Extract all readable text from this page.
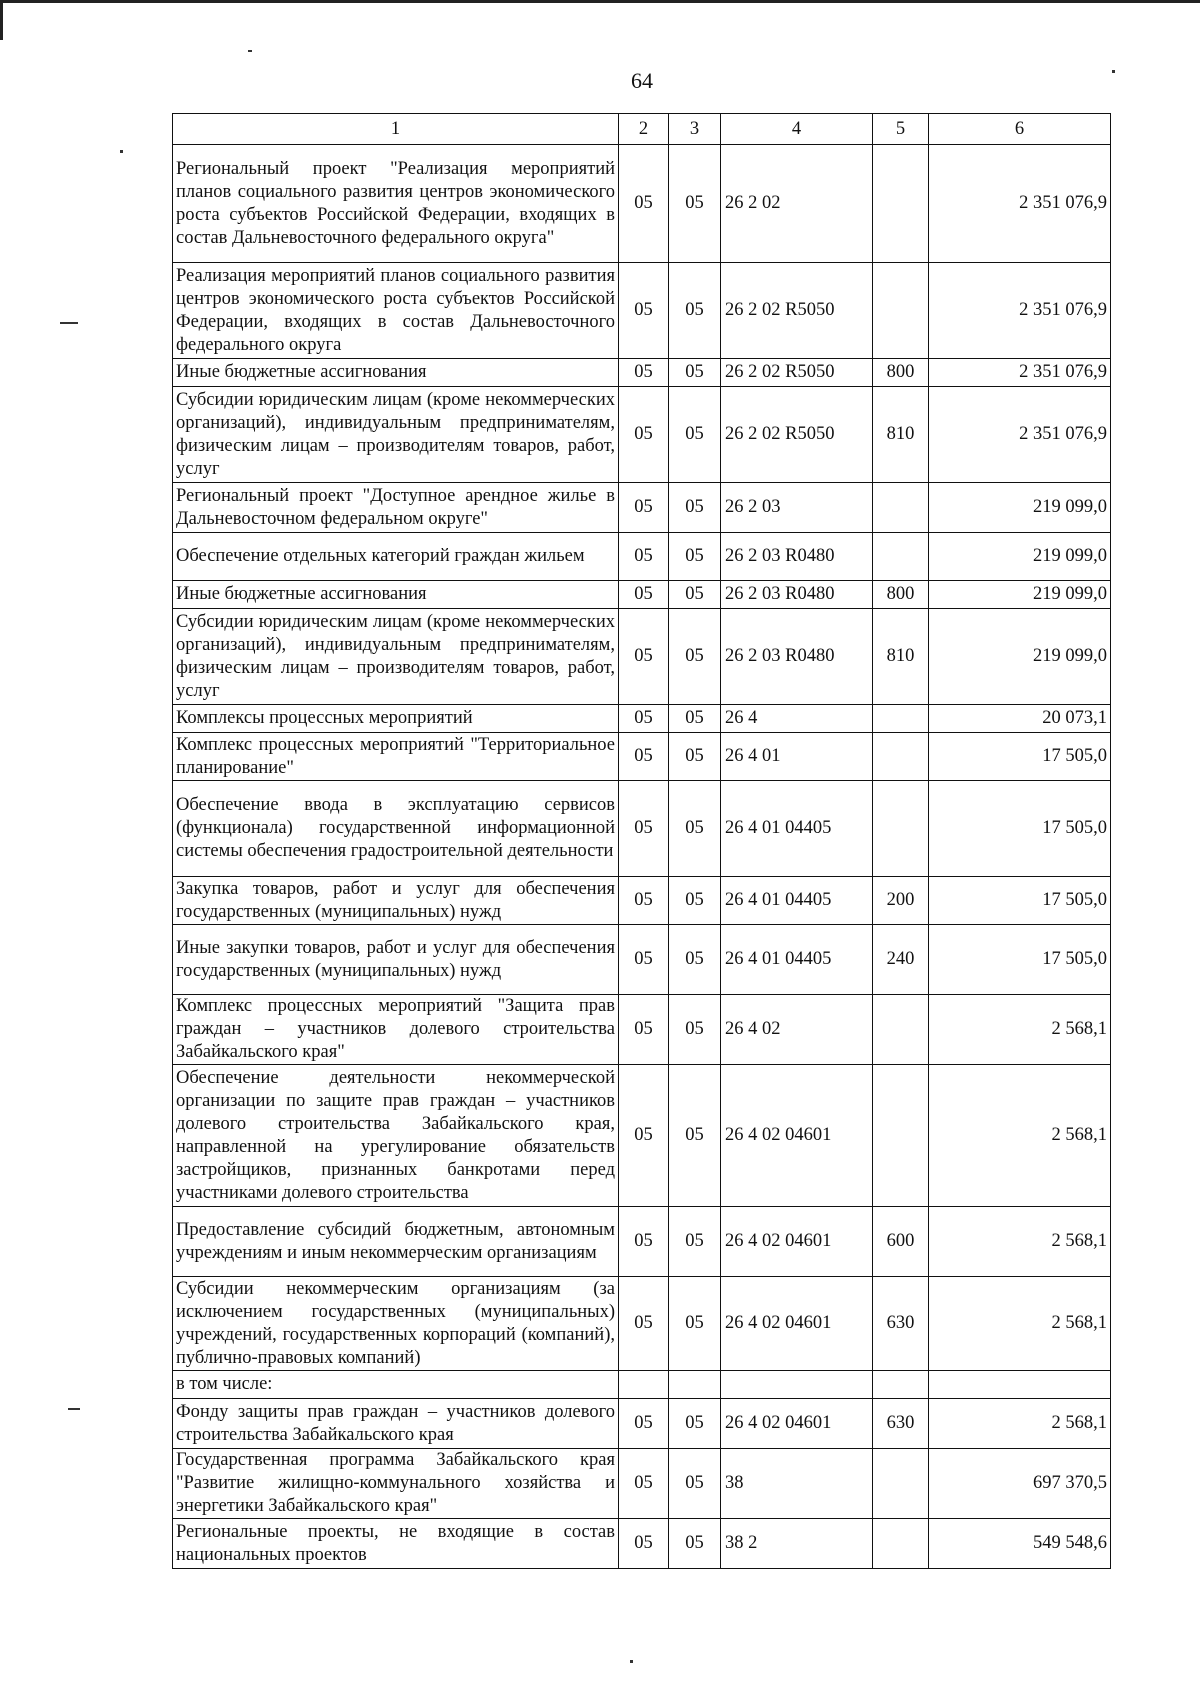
64
1	2	3	4	5	6
Региональный проект "Реализация мероприятий планов социального развития центров экономического роста субъектов Российской Федерации, входящих в состав Дальневосточного федерального округа"	05	05	26 2 02		2 351 076,9
Реализация мероприятий планов социального развития центров экономического роста субъектов Российской Федерации, входящих в состав Дальневосточного федерального округа	05	05	26 2 02 R5050		2 351 076,9
Иные бюджетные ассигнования	05	05	26 2 02 R5050	800	2 351 076,9
Субсидии юридическим лицам (кроме некоммерческих организаций), индивидуальным предпринимателям, физическим лицам – производителям товаров, работ, услуг	05	05	26 2 02 R5050	810	2 351 076,9
Региональный проект "Доступное арендное жилье в Дальневосточном федеральном округе"	05	05	26 2 03		219 099,0
Обеспечение отдельных категорий граждан жильем	05	05	26 2 03 R0480		219 099,0
Иные бюджетные ассигнования	05	05	26 2 03 R0480	800	219 099,0
Субсидии юридическим лицам (кроме некоммерческих организаций), индивидуальным предпринимателям, физическим лицам – производителям товаров, работ, услуг	05	05	26 2 03 R0480	810	219 099,0
Комплексы процессных мероприятий	05	05	26 4		20 073,1
Комплекс процессных мероприятий "Территориальное планирование"	05	05	26 4 01		17 505,0
Обеспечение ввода в эксплуатацию сервисов (функционала) государственной информационной системы обеспечения градостроительной деятельности	05	05	26 4 01 04405		17 505,0
Закупка товаров, работ и услуг для обеспечения государственных (муниципальных) нужд	05	05	26 4 01 04405	200	17 505,0
Иные закупки товаров, работ и услуг для обеспечения государственных (муниципальных) нужд	05	05	26 4 01 04405	240	17 505,0
Комплекс процессных мероприятий "Защита прав граждан – участников долевого строительства Забайкальского края"	05	05	26 4 02		2 568,1
Обеспечение деятельности некоммерческой организации по защите прав граждан – участников долевого строительства Забайкальского края, направленной на урегулирование обязательств застройщиков, признанных банкротами перед участниками долевого строительства	05	05	26 4 02 04601		2 568,1
Предоставление субсидий бюджетным, автономным учреждениям и иным некоммерческим организациям	05	05	26 4 02 04601	600	2 568,1
Субсидии некоммерческим организациям (за исключением государственных (муниципальных) учреждений, государственных корпораций (компаний), публично-правовых компаний)	05	05	26 4 02 04601	630	2 568,1
в том числе:					
Фонду защиты прав граждан – участников долевого строительства Забайкальского края	05	05	26 4 02 04601	630	2 568,1
Государственная программа Забайкальского края "Развитие жилищно-коммунального хозяйства и энергетики Забайкальского края"	05	05	38		697 370,5
Региональные проекты, не входящие в состав национальных проектов	05	05	38 2		549 548,6
